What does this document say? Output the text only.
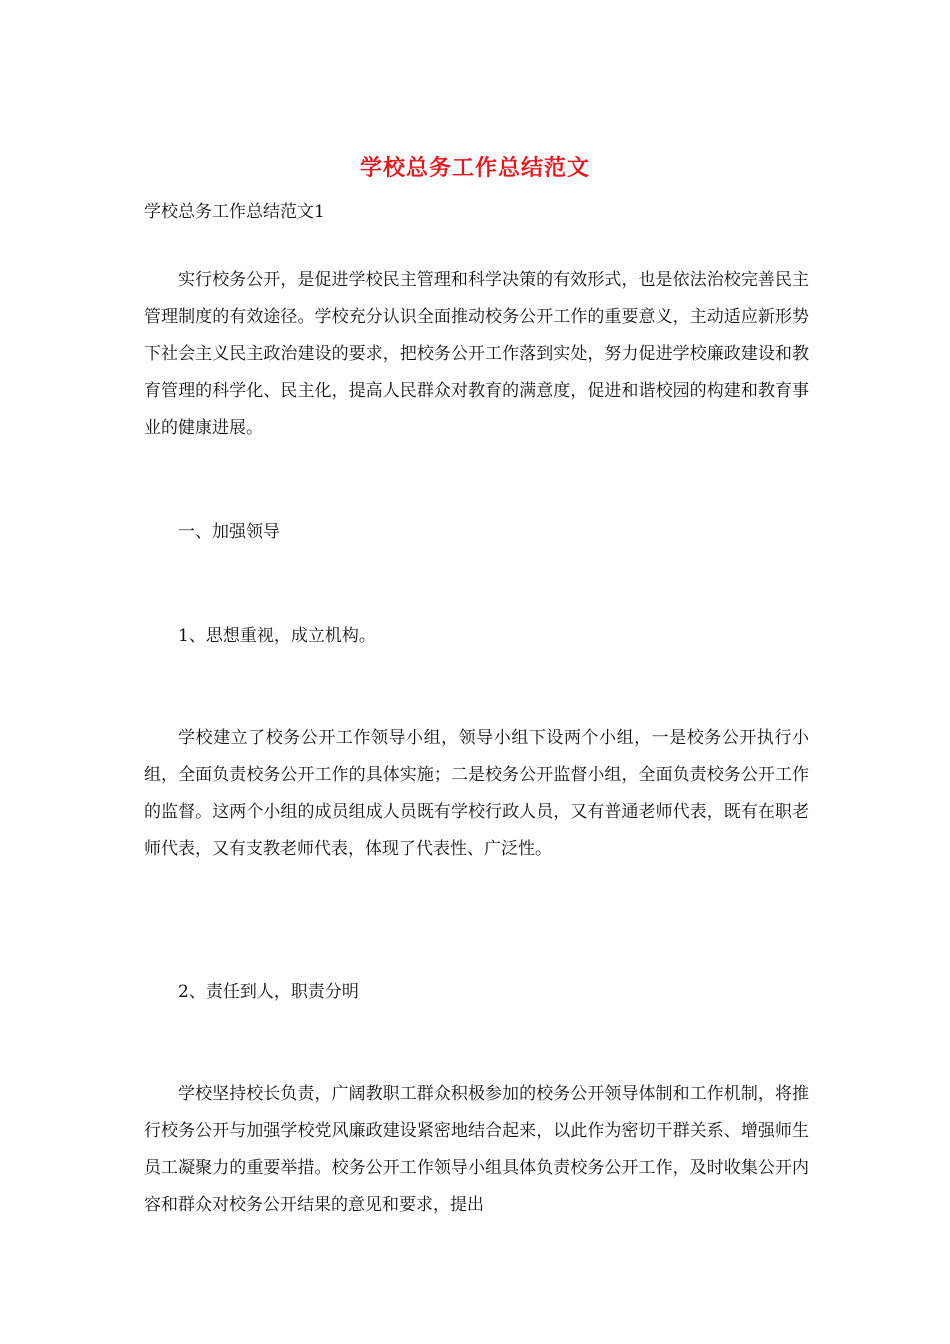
学校总务工作总结范文
学校总务工作总结范文1

实行校务公开，是促进学校民主管理和科学决策的有效形式，也是依法治校完善民主管理制度的有效途径。学校充分认识全面推动校务公开工作的重要意义，主动适应新形势下社会主义民主政治建设的要求，把校务公开工作落到实处，努力促进学校廉政建设和教育管理的科学化、民主化，提高人民群众对教育的满意度，促进和谐校园的构建和教育事业的健康进展。

一、加强领导

1、思想重视，成立机构。

学校建立了校务公开工作领导小组，领导小组下设两个小组，一是校务公开执行小组，全面负责校务公开工作的具体实施；二是校务公开监督小组，全面负责校务公开工作的监督。这两个小组的成员组成人员既有学校行政人员，又有普通老师代表，既有在职老师代表，又有支教老师代表，体现了代表性、广泛性。

2、责任到人，职责分明

学校坚持校长负责，广阔教职工群众积极参加的校务公开领导体制和工作机制，将推行校务公开与加强学校党风廉政建设紧密地结合起来，以此作为密切干群关系、增强师生员工凝聚力的重要举措。校务公开工作领导小组具体负责校务公开工作，及时收集公开内容和群众对校务公开结果的意见和要求，提出
